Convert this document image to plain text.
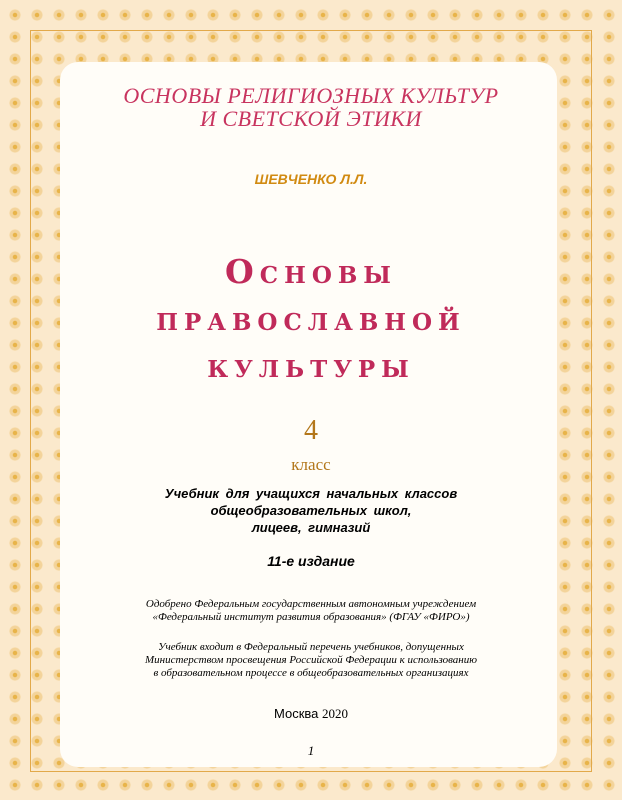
ОСНОВЫ РЕЛИГИОЗНЫХ КУЛЬТУР
И СВЕТСКОЙ ЭТИКИ
ШЕВЧЕНКО Л.Л.
Основы
православной
культуры
4
класс
Учебник для учащихся начальных классов
общеобразовательных школ,
лицеев, гимназий
11-е издание
Одобрено Федеральным государственным автономным учреждением
«Федеральный институт развития образования» (ФГАУ «ФИРО»)
Учебник входит в Федеральный перечень учебников, допущенных
Министерством просвещения Российской Федерации к использованию
в образовательном процессе в общеобразовательных организациях
Москва 2020
1
